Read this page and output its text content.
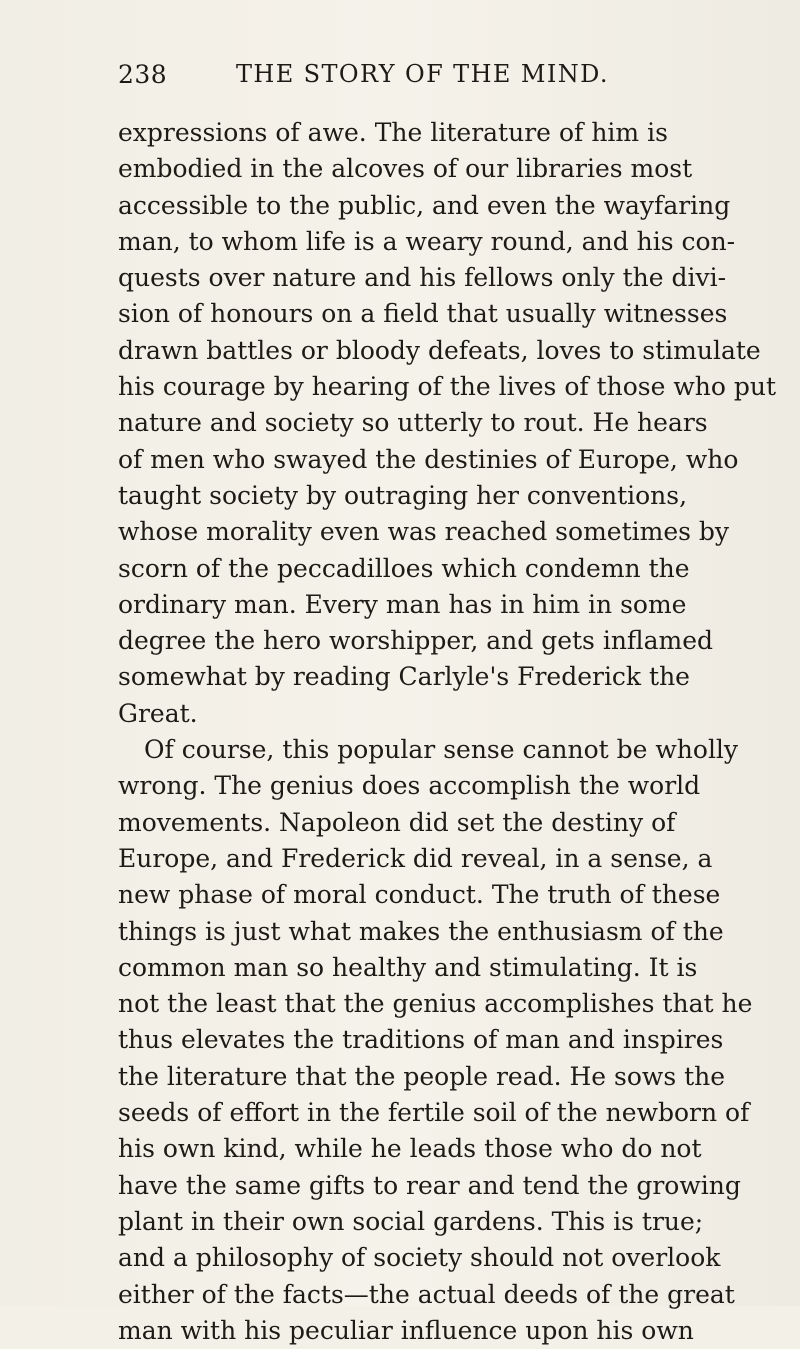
238	THE STORY OF THE MIND.
expressions of awe. The literature of him is
embodied in the alcoves of our libraries most
accessible to the public, and even the wayfaring
man, to whom life is a weary round, and his con-
quests over nature and his fellows only the divi-
sion of honours on a field that usually witnesses
drawn battles or bloody defeats, loves to stimulate
his courage by hearing of the lives of those who put
nature and society so utterly to rout. He hears
of men who swayed the destinies of Europe, who
taught society by outraging her conventions,
whose morality even was reached sometimes by
scorn of the peccadilloes which condemn the
ordinary man. Every man has in him in some
degree the hero worshipper, and gets inflamed
somewhat by reading Carlyle's Frederick the
Great.
Of course, this popular sense cannot be wholly
wrong. The genius does accomplish the world
movements. Napoleon did set the destiny of
Europe, and Frederick did reveal, in a sense, a
new phase of moral conduct. The truth of these
things is just what makes the enthusiasm of the
common man so healthy and stimulating. It is
not the least that the genius accomplishes that he
thus elevates the traditions of man and inspires
the literature that the people read. He sows the
seeds of effort in the fertile soil of the newborn of
his own kind, while he leads those who do not
have the same gifts to rear and tend the growing
plant in their own social gardens. This is true;
and a philosophy of society should not overlook
either of the facts—the actual deeds of the great
man with his peculiar influence upon his own
